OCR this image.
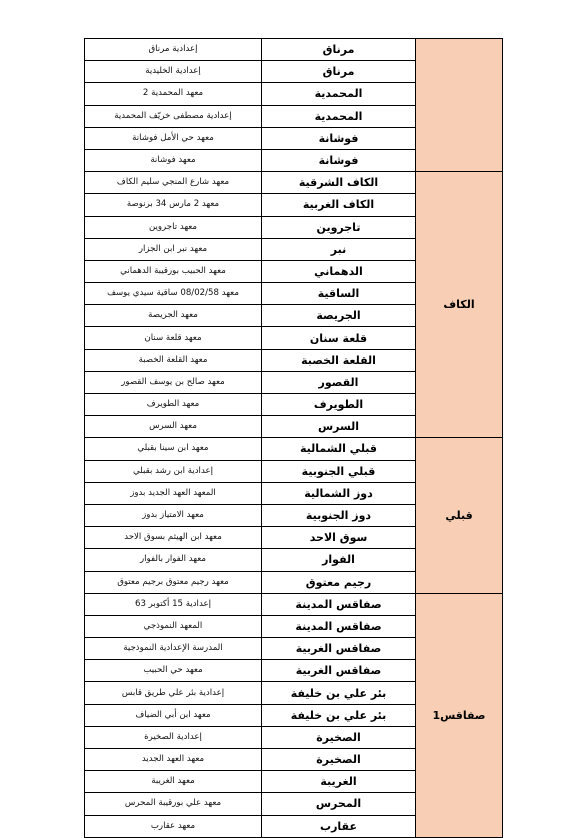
	مرناق	إعدادية مرناق
	مرناق	إعدادية الخليدية
	المحمدية	معهد المحمدية 2
	المحمدية	إعدادية مصطفى خريّف المحمدية
	فوشانة	معهد حي الأمل فوشانة
	فوشانة	معهد فوشانة
الكاف	الكاف الشرقية	معهد شارع المنجي سليم الكاف
	الكاف الغربية	معهد 2 مارس 34 برنوصة
	تاجروين	معهد تاجروين
	نبر	معهد نبر ابن الجزار
	الدهماني	معهد الحبيب بورقيبة الدهماني
	الساقية	معهد 08/02/58 ساقية سيدي يوسف
	الجريصة	معهد الجريصة
	قلعة سنان	معهد قلعة سنان
	القلعة الخصبة	معهد القلعة الخصبة
	القصور	معهد صالح بن يوسف القصور
	الطويرف	معهد الطويرف
	السرس	معهد السرس
قبلي	قبلي الشمالية	معهد ابن سينا بقبلي
	قبلي الجنوبية	إعدادية ابن رشد بقبلي
	دوز الشمالية	المعهد العهد الجديد بدوز
	دوز الجنوبية	معهد الامتياز بدوز
	سوق الاحد	معهد ابن الهيثم بسوق الاحد
	الفوار	معهد الفوار بالفوار
	رجيم معتوق	معهد رجيم معتوق برجيم معتوق
صفاقس1	صفاقس المدينة	إعدادية 15 أكتوبر 63
	صفاقس المدينة	المعهد النموذجي
	صفاقس الغربية	المدرسة الإعدادية النموذجية
	صفاقس الغربية	معهد حي الحبيب
	بئر علي بن خليفة	إعدادية بئر علي طريق قابس
	بئر علي بن خليفة	معهد ابن أبي الضياف
	الصخيرة	إعدادية الصخيرة
	الصخيرة	معهد العهد الجديد
	الغريبة	معهد الغريبة
	المحرس	معهد علي بورقيبة المحرس
	عقارب	معهد عقارب
